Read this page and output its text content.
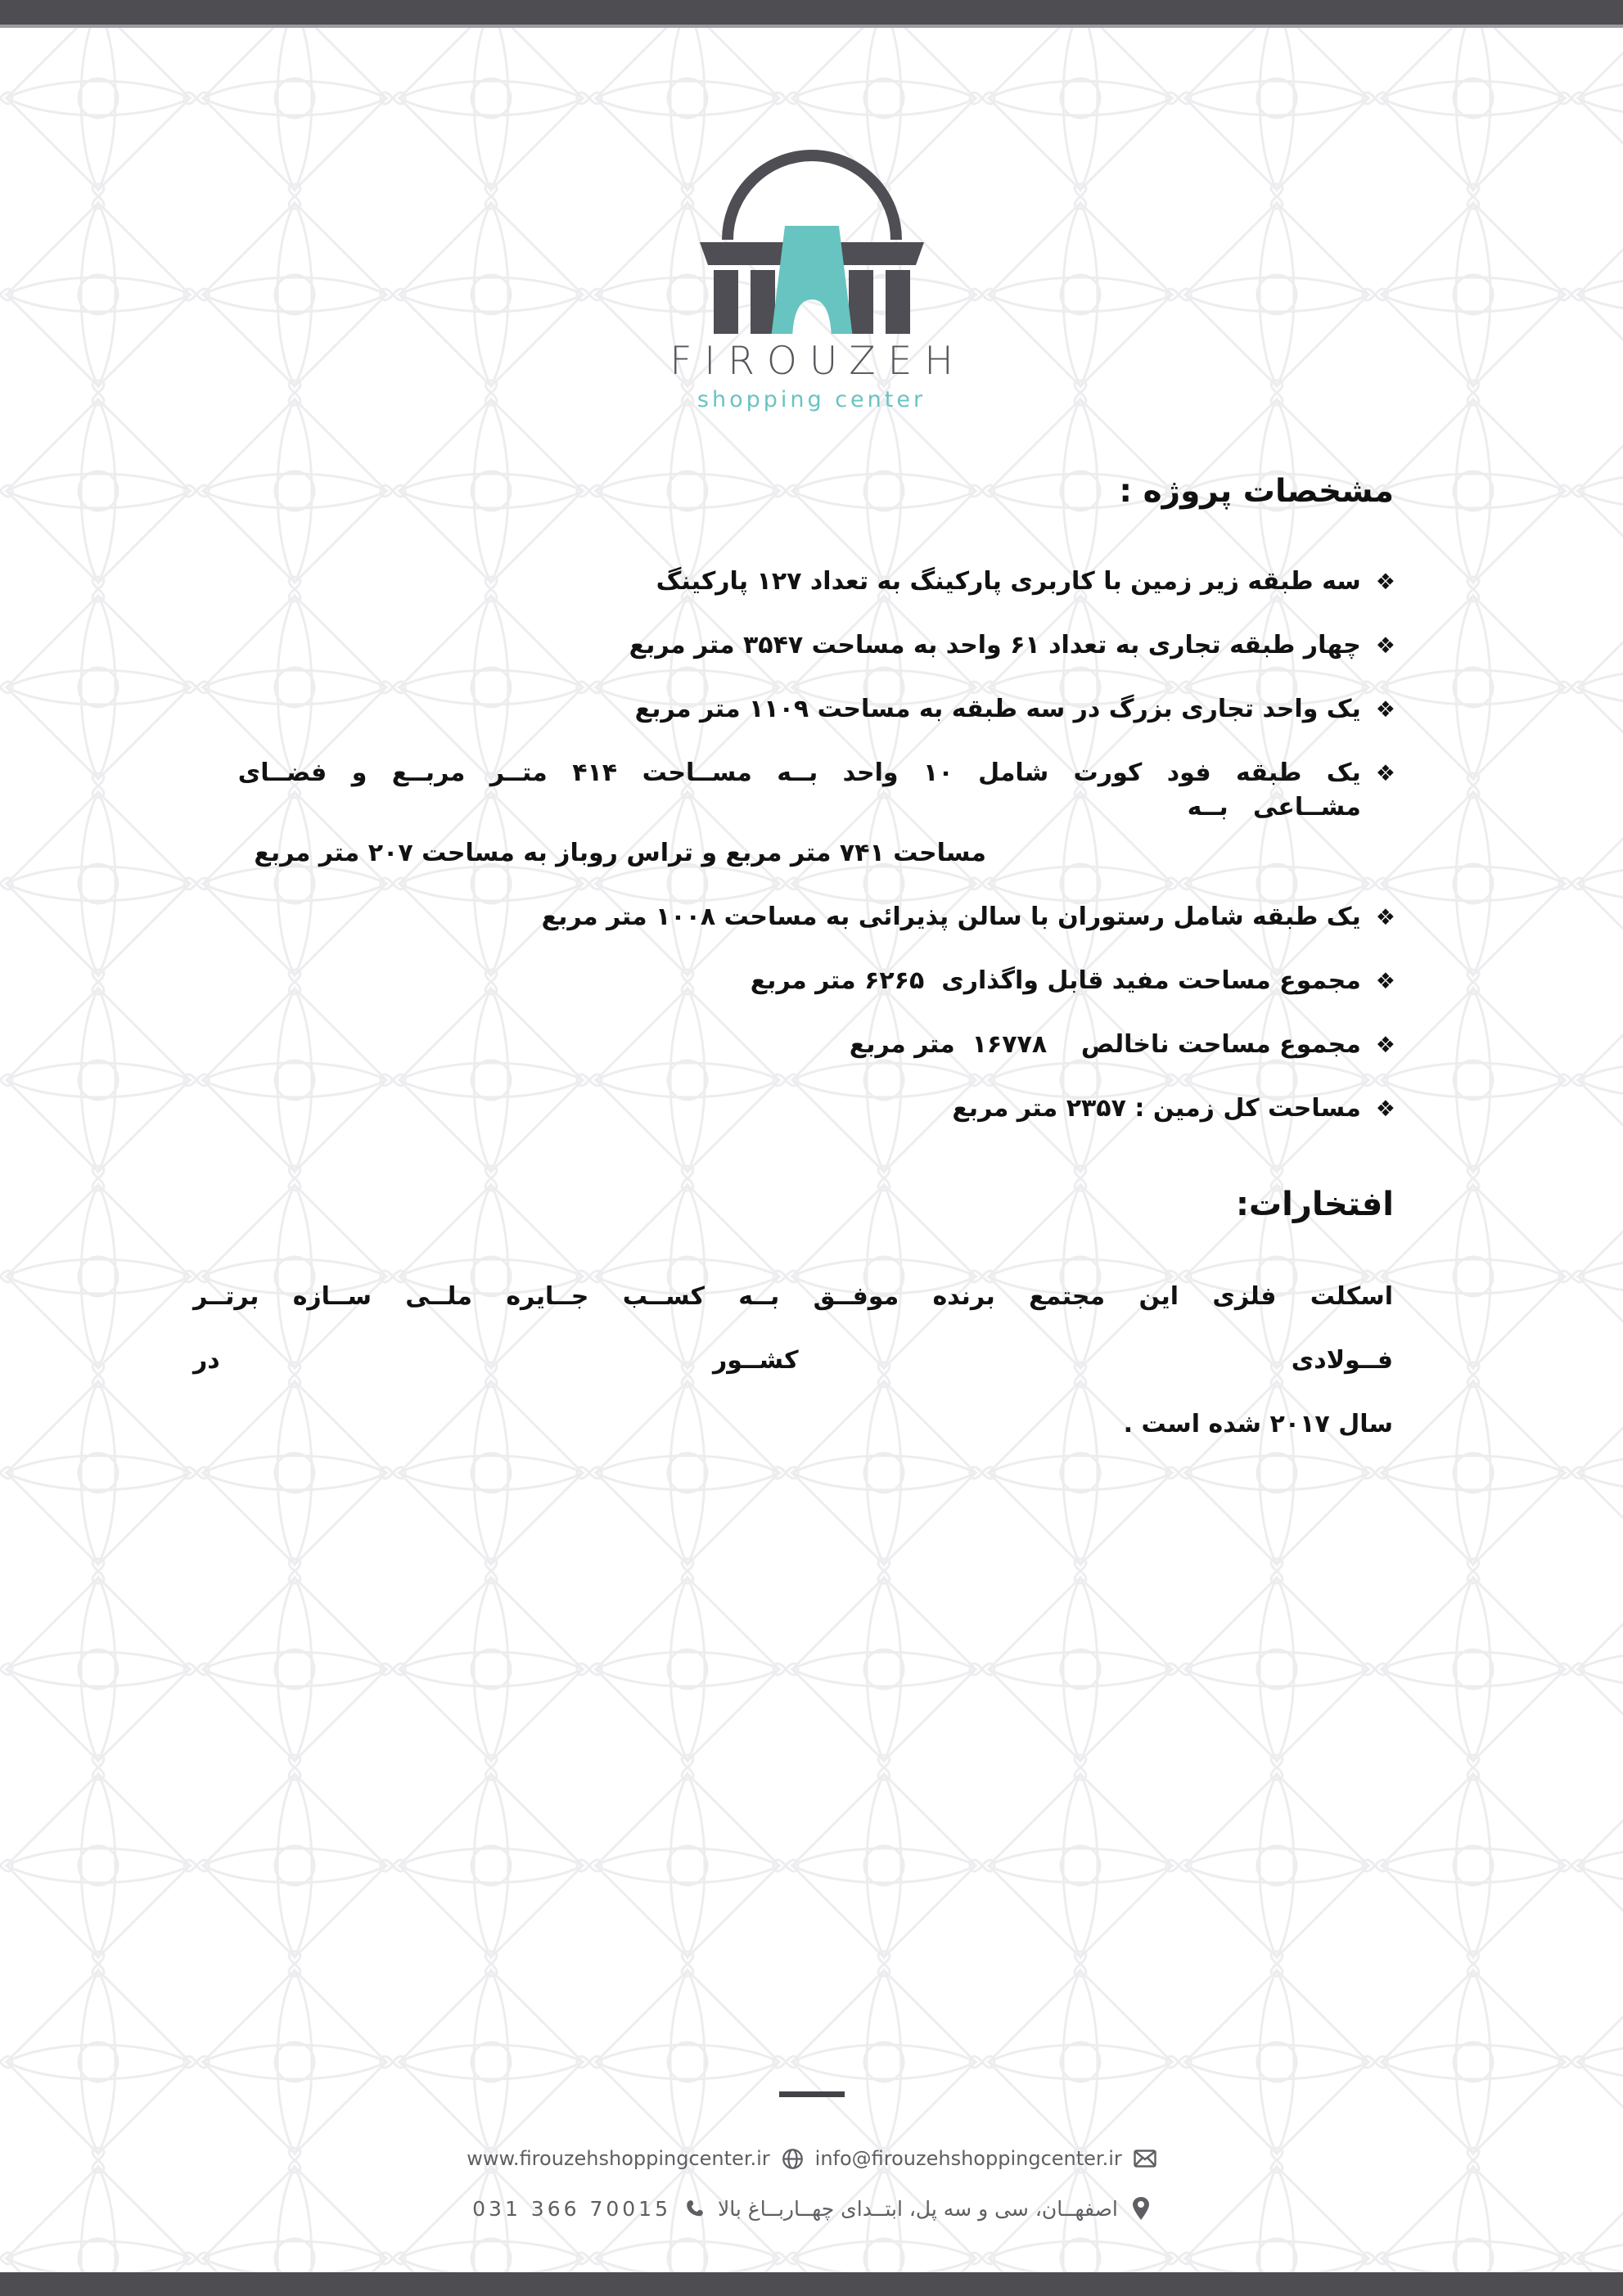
FIROUZEH
shopping center
مشخصات پروژه :
❖
سه طبقه زیر زمین با کاربری پارکینگ به تعداد ۱۲۷ پارکینگ
❖
چهار طبقه تجاری به تعداد ۶۱ واحد به مساحت ۳۵۴۷ متر مربع
❖
یک واحد تجاری بزرگ در سه طبقه به مساحت ۱۱۰۹ متر مربع
❖
یک طبقه فود کورت شامل ۱۰ واحد بــه مســاحت ۴۱۴ متــر مربــع و فضــای مشــاعی بــه
مساحت ۷۴۱ متر مربع و تراس روباز به مساحت ۲۰۷ متر مربع
❖
یک طبقه شامل رستوران با سالن پذیرائی به مساحت ۱۰۰۸ متر مربع
❖
مجموع مساحت مفید قابل واگذاری  ۶۲۶۵ متر مربع
❖
مجموع مساحت ناخالص    ۱۶۷۷۸  متر مربع
❖
مساحت کل زمین : ۲۳۵۷ متر مربع
افتخارات:
اسکلت فلزی این مجتمع برنده موفــق بــه کســب جــایره ملــی ســازه برتــر فــولادی کشــور در
سال ۲۰۱۷ شده است .
www.firouzehshoppingcenter.ir info@firouzehshoppingcenter.ir
اصفهــان، سی و سه پل، ابتــدای چهــاربــاغ بالا
031 366 70015
